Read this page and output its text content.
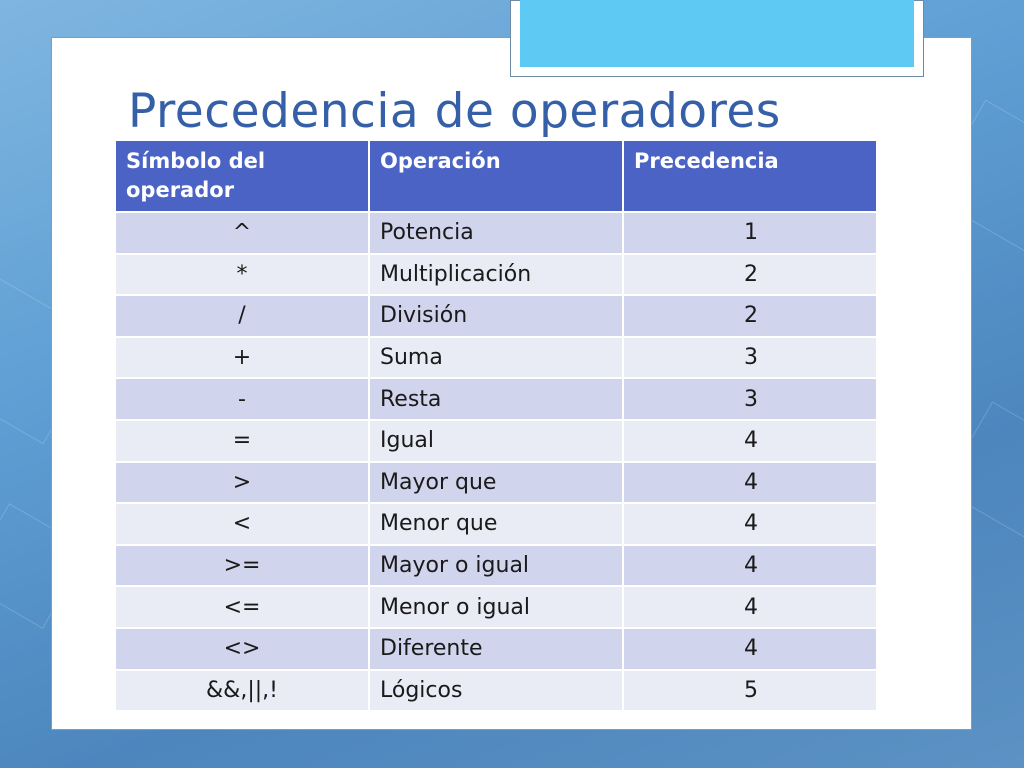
Precedencia de operadores
Símbolo del operador	Operación	Precedencia
^	Potencia	1
*	Multiplicación	2
/	División	2
+	Suma	3
-	Resta	3
=	Igual	4
>	Mayor que	4
<	Menor que	4
>=	Mayor o igual	4
<=	Menor o igual	4
<>	Diferente	4
&&,||,!	Lógicos	5
